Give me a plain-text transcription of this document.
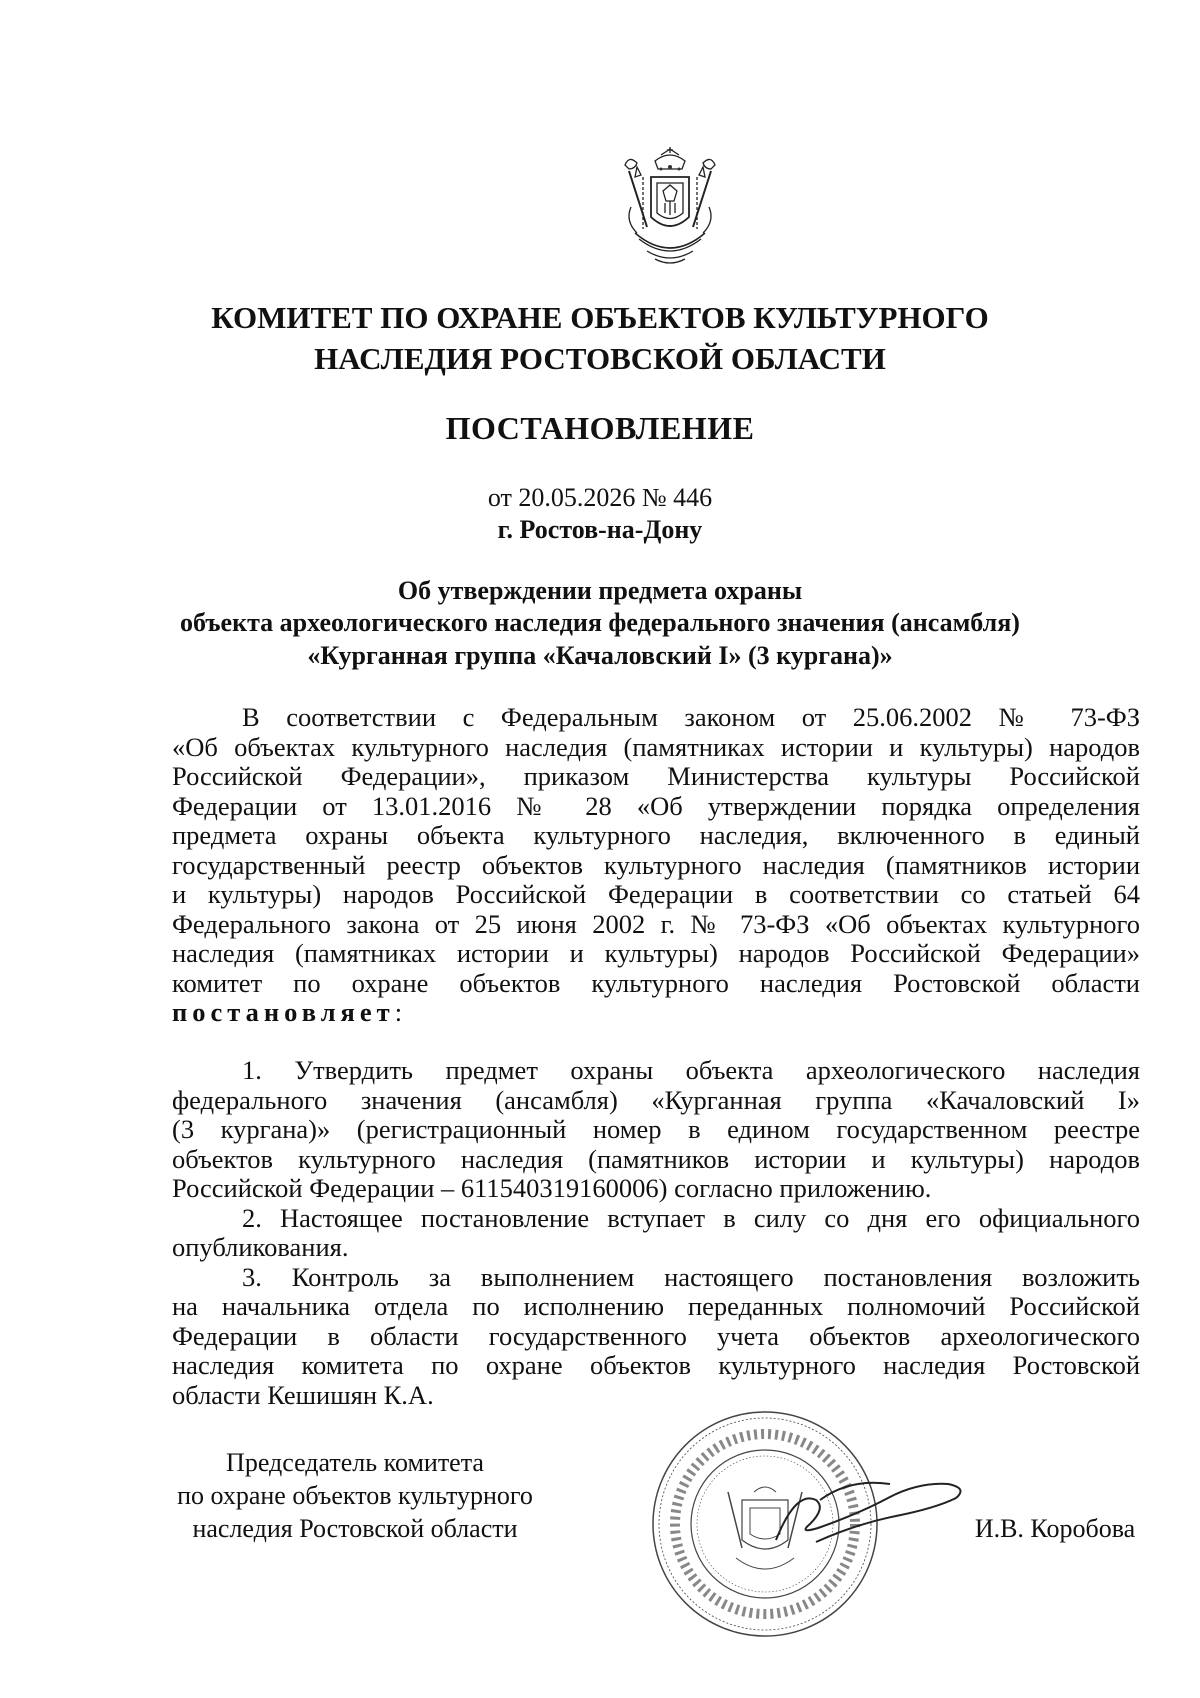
КОМИТЕТ ПО ОХРАНЕ ОБЪЕКТОВ КУЛЬТУРНОГО
НАСЛЕДИЯ РОСТОВСКОЙ ОБЛАСТИ
ПОСТАНОВЛЕНИЕ
от 20.05.2026 № 446
г. Ростов-на-Дону
Об утверждении предмета охраны
объекта археологического наследия федерального значения (ансамбля)
«Курганная группа «Качаловский I» (3 кургана)»
В соответствии с Федеральным законом от 25.06.2002 № 73-ФЗ
«Об объектах культурного наследия (памятниках истории и культуры) народов
Российской Федерации», приказом Министерства культуры Российской
Федерации от 13.01.2016 № 28 «Об утверждении порядка определения
предмета охраны объекта культурного наследия, включенного в единый
государственный реестр объектов культурного наследия (памятников истории
и культуры) народов Российской Федерации в соответствии со статьей 64
Федерального закона от 25 июня 2002 г. № 73-ФЗ «Об объектах культурного
наследия (памятниках истории и культуры) народов Российской Федерации»
комитет по охране объектов культурного наследия Ростовской области
постановляет:
1. Утвердить предмет охраны объекта археологического наследия
федерального значения (ансамбля) «Курганная группа «Качаловский I»
(3 кургана)» (регистрационный номер в едином государственном реестре
объектов культурного наследия (памятников истории и культуры) народов
Российской Федерации – 611540319160006) согласно приложению.
2. Настоящее постановление вступает в силу со дня его официального
опубликования.
3. Контроль за выполнением настоящего постановления возложить
на начальника отдела по исполнению переданных полномочий Российской
Федерации в области государственного учета объектов археологического
наследия комитета по охране объектов культурного наследия Ростовской
области Кешишян К.А.
Председатель комитета
по охране объектов культурного
наследия Ростовской области	И.В. Коробова
